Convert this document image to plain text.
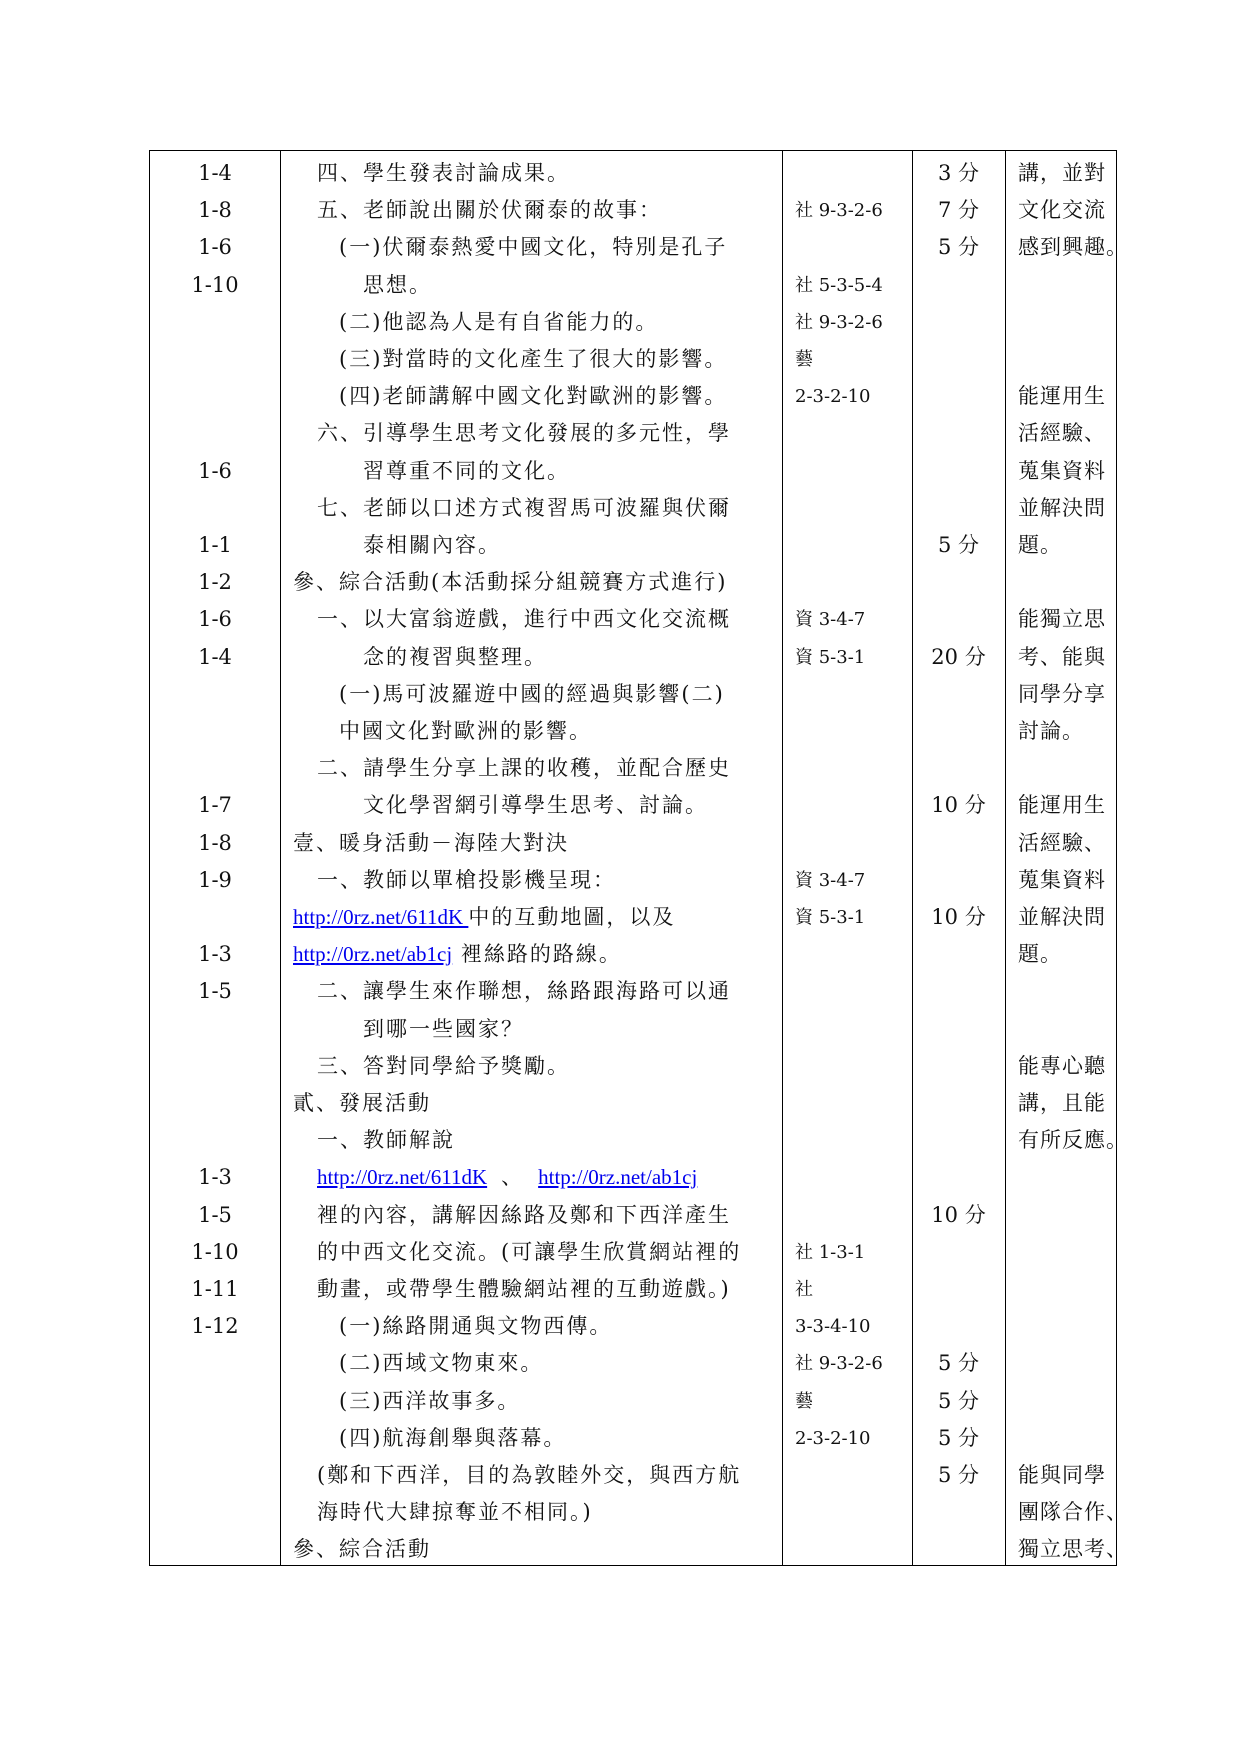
1-4
1-8
1-6
1-10
1-6
1-1
1-2
1-6
1-4
1-7
1-8
1-9
1-3
1-5
1-3
1-5
1-10
1-11
1-12
四、學生發表討論成果。
五、老師說出關於伏爾泰的故事：
(一)伏爾泰熱愛中國文化，特別是孔子
思想。
(二)他認為人是有自省能力的。
(三)對當時的文化產生了很大的影響。
(四)老師講解中國文化對歐洲的影響。
六、引導學生思考文化發展的多元性，學
習尊重不同的文化。
七、老師以口述方式複習馬可波羅與伏爾
泰相關內容。
參、綜合活動(本活動採分組競賽方式進行)
一、以大富翁遊戲，進行中西文化交流概
念的複習與整理。
(一)馬可波羅遊中國的經過與影響(二)
中國文化對歐洲的影響。
二、請學生分享上課的收穫，並配合歷史
文化學習網引導學生思考、討論。
壹、暖身活動－海陸大對決
一、教師以單槍投影機呈現：
二、讓學生來作聯想，絲路跟海路可以通
到哪一些國家？
三、答對同學給予獎勵。
貳、發展活動
一、教師解說
裡的內容，講解因絲路及鄭和下西洋產生
的中西文化交流。(可讓學生欣賞網站裡的
動畫，或帶學生體驗網站裡的互動遊戲。)
(一)絲路開通與文物西傳。
(二)西域文物東來。
(三)西洋故事多。
(四)航海創舉與落幕。
(鄭和下西洋，目的為敦睦外交，與西方航
海時代大肆掠奪並不相同。)
參、綜合活動
http://0rz.net/611dK 中的互動地圖，以及
http://0rz.net/ab1cj 裡絲路的路線。
http://0rz.net/611dK 、 http://0rz.net/ab1cj
社 9-3-2-6
社 5-3-5-4
社 9-3-2-6
藝
2-3-2-10
資 3-4-7
資 5-3-1
資 3-4-7
資 5-3-1
社 1-3-1
社
3-3-4-10
社 9-3-2-6
藝
2-3-2-10
3 分
7 分
5 分
5 分
20 分
10 分
10 分
10 分
5 分
5 分
5 分
5 分
講，並對
文化交流
感到興趣。
能運用生
活經驗、
蒐集資料
並解決問
題。
能獨立思
考、能與
同學分享
討論。
能運用生
活經驗、
蒐集資料
並解決問
題。
能專心聽
講，且能
有所反應。
能與同學
團隊合作、
獨立思考、
